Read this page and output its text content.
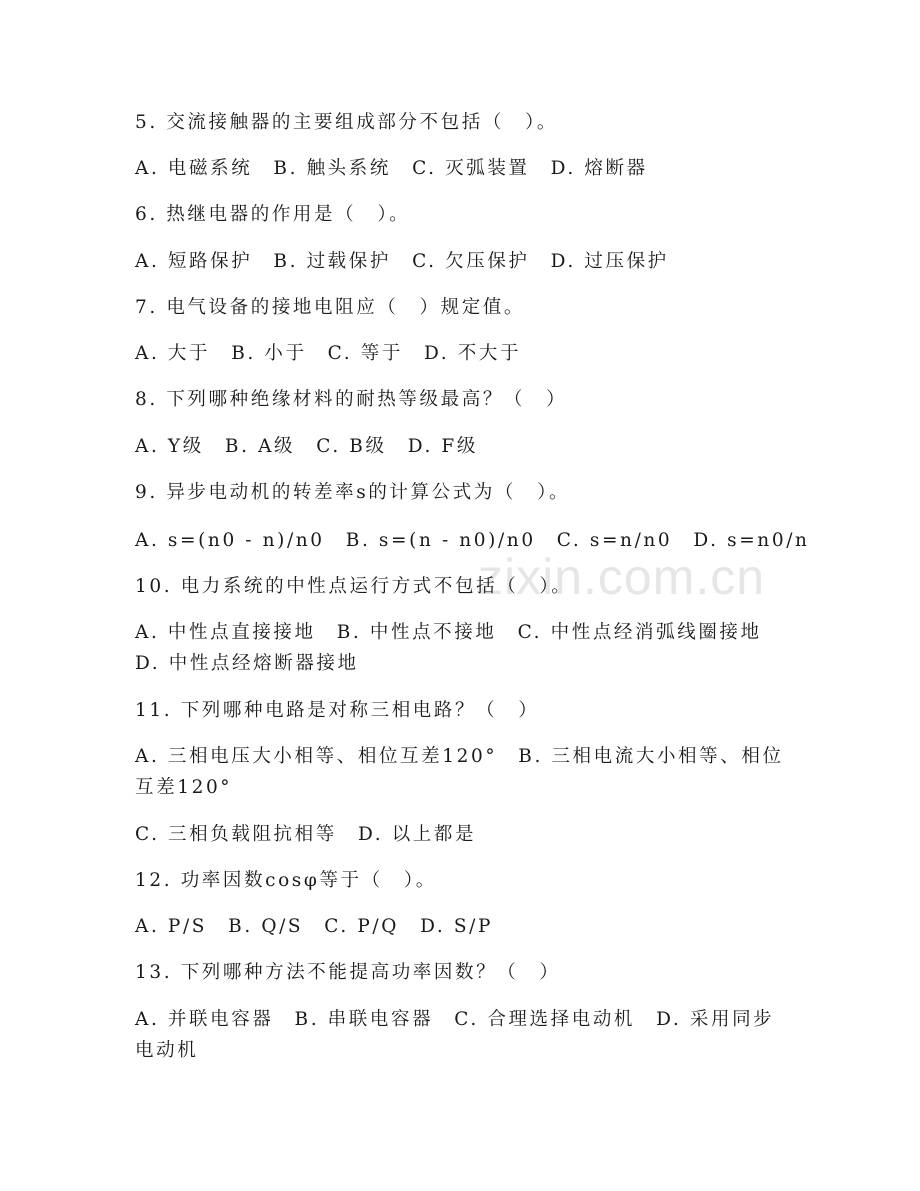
zixin.com.cn
5. 交流接触器的主要组成部分不包括（　）。
A. 电磁系统　B. 触头系统　C. 灭弧装置　D. 熔断器
6. 热继电器的作用是（　）。
A. 短路保护　B. 过载保护　C. 欠压保护　D. 过压保护
7. 电气设备的接地电阻应（　）规定值。
A. 大于　B. 小于　C. 等于　D. 不大于
8. 下列哪种绝缘材料的耐热等级最高？（　）
A. Y级　B. A级　C. B级　D. F级
9. 异步电动机的转差率s的计算公式为（　）。
A. s=(n0 - n)/n0　B. s=(n - n0)/n0　C. s=n/n0　D. s=n0/n
10. 电力系统的中性点运行方式不包括（　）。
A. 中性点直接接地　B. 中性点不接地　C. 中性点经消弧线圈接地
D. 中性点经熔断器接地
11. 下列哪种电路是对称三相电路？（　）
A. 三相电压大小相等、相位互差120°　B. 三相电流大小相等、相位
互差120°
C. 三相负载阻抗相等　D. 以上都是
12. 功率因数cosφ等于（　）。
A. P/S　B. Q/S　C. P/Q　D. S/P
13. 下列哪种方法不能提高功率因数？（　）
A. 并联电容器　B. 串联电容器　C. 合理选择电动机　D. 采用同步
电动机
